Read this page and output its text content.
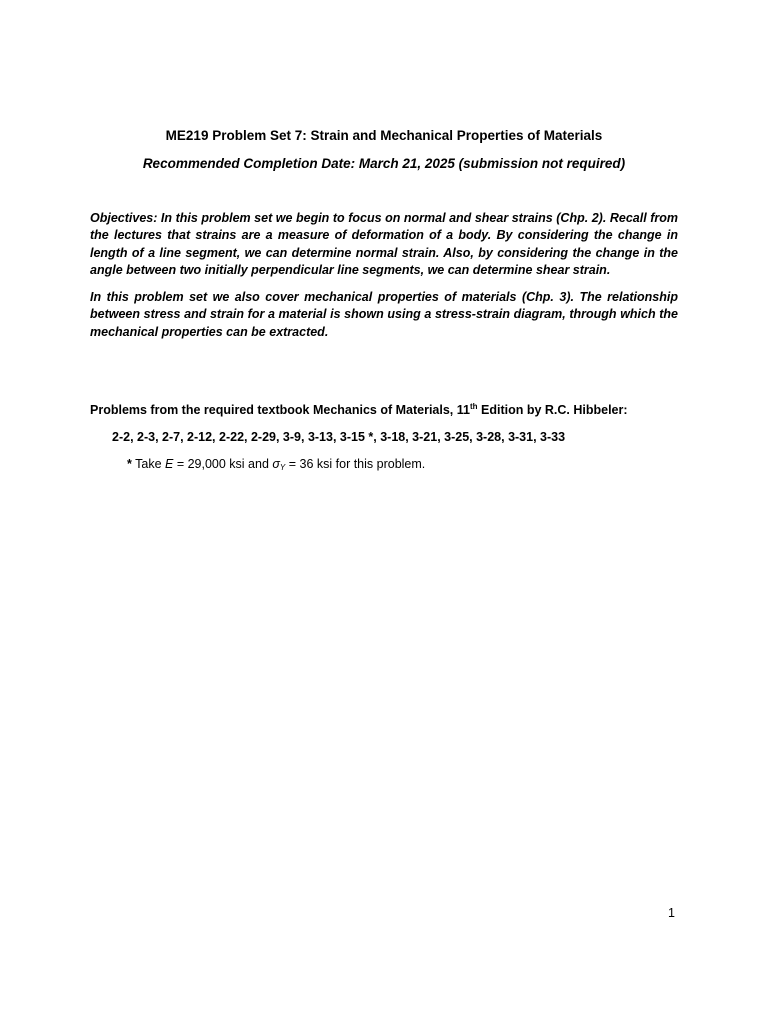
ME219 Problem Set 7: Strain and Mechanical Properties of Materials
Recommended Completion Date: March 21, 2025 (submission not required)
Objectives: In this problem set we begin to focus on normal and shear strains (Chp. 2). Recall from the lectures that strains are a measure of deformation of a body. By considering the change in length of a line segment, we can determine normal strain. Also, by considering the change in the angle between two initially perpendicular line segments, we can determine shear strain.
In this problem set we also cover mechanical properties of materials (Chp. 3). The relationship between stress and strain for a material is shown using a stress-strain diagram, through which the mechanical properties can be extracted.
Problems from the required textbook Mechanics of Materials, 11th Edition by R.C. Hibbeler:
2-2, 2-3, 2-7, 2-12, 2-22, 2-29, 3-9, 3-13, 3-15 *, 3-18, 3-21, 3-25, 3-28, 3-31, 3-33
* Take E = 29,000 ksi and $\sigma_Y = 36$ ksi for this problem.
1
